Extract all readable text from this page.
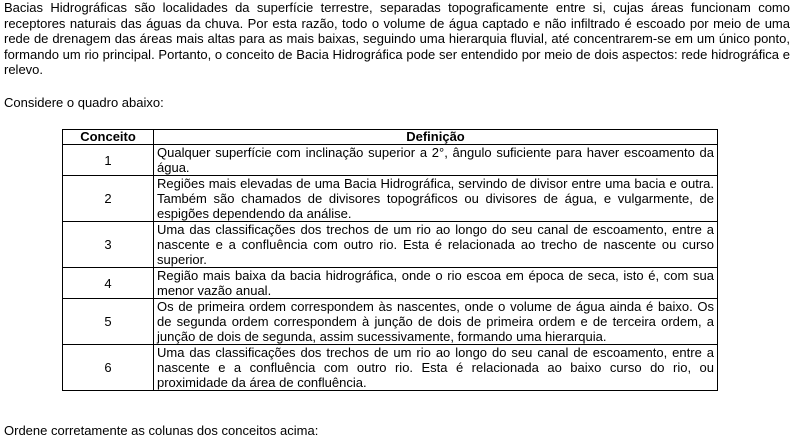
Bacias Hidrográficas são localidades da superfície terrestre, separadas topograficamente entre si, cujas áreas funcionam como receptores naturais das águas da chuva. Por esta razão, todo o volume de água captado e não infiltrado é escoado por meio de uma rede de drenagem das áreas mais altas para as mais baixas, seguindo uma hierarquia fluvial, até concentrarem-se em um único ponto, formando um rio principal. Portanto, o conceito de Bacia Hidrográfica pode ser entendido por meio de dois aspectos: rede hidrográfica e relevo.

Considere o quadro abaixo:

Conceito	Definição
1	Qualquer superfície com inclinação superior a 2°, ângulo suficiente para haver escoamento da água.
2	Regiões mais elevadas de uma Bacia Hidrográfica, servindo de divisor entre uma bacia e outra. Também são chamados de divisores topográficos ou divisores de água, e vulgarmente, de espigões dependendo da análise.
3	Uma das classificações dos trechos de um rio ao longo do seu canal de escoamento, entre a nascente e a confluência com outro rio. Esta é relacionada ao trecho de nascente ou curso superior.
4	Região mais baixa da bacia hidrográfica, onde o rio escoa em época de seca, isto é, com sua menor vazão anual.
5	Os de primeira ordem correspondem às nascentes, onde o volume de água ainda é baixo. Os de segunda ordem correspondem à junção de dois de primeira ordem e de terceira ordem, a junção de dois de segunda, assim sucessivamente, formando uma hierarquia.
6	Uma das classificações dos trechos de um rio ao longo do seu canal de escoamento, entre a nascente e a confluência com outro rio. Esta é relacionada ao baixo curso do rio, ou proximidade da área de confluência.

Ordene corretamente as colunas dos conceitos acima:
